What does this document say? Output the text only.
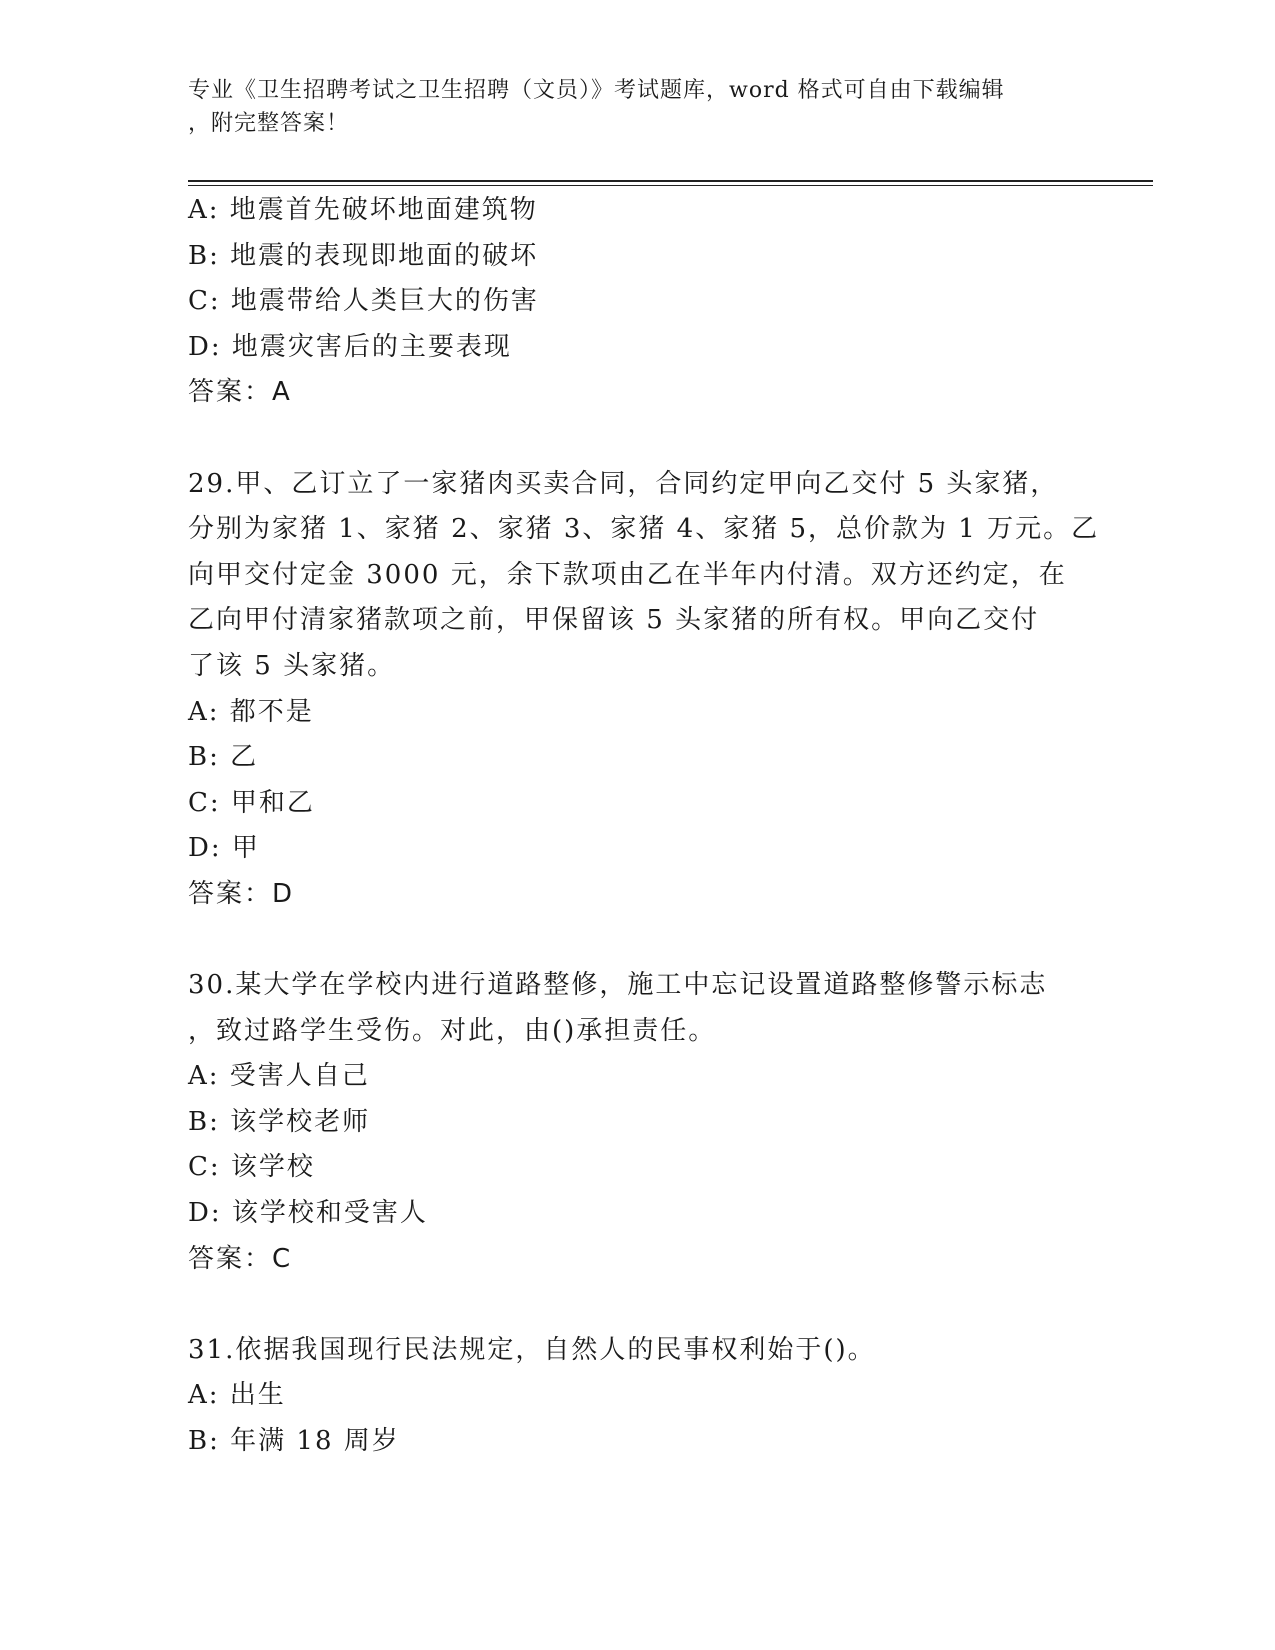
专业《卫生招聘考试之卫生招聘（文员）》考试题库，word 格式可自由下载编辑
，附完整答案！
A: 地震首先破坏地面建筑物
B: 地震的表现即地面的破坏
C: 地震带给人类巨大的伤害
D: 地震灾害后的主要表现
答案：A
29.甲、乙订立了一家猪肉买卖合同，合同约定甲向乙交付 5 头家猪，
分别为家猪 1、家猪 2、家猪 3、家猪 4、家猪 5，总价款为 1 万元。乙
向甲交付定金 3000 元，余下款项由乙在半年内付清。双方还约定，在
乙向甲付清家猪款项之前，甲保留该 5 头家猪的所有权。甲向乙交付
了该 5 头家猪。
A: 都不是
B: 乙
C: 甲和乙
D: 甲
答案：D
30.某大学在学校内进行道路整修，施工中忘记设置道路整修警示标志
，致过路学生受伤。对此，由()承担责任。
A: 受害人自己
B: 该学校老师
C: 该学校
D: 该学校和受害人
答案：C
31.依据我国现行民法规定，自然人的民事权利始于()。
A: 出生
B: 年满 18 周岁
